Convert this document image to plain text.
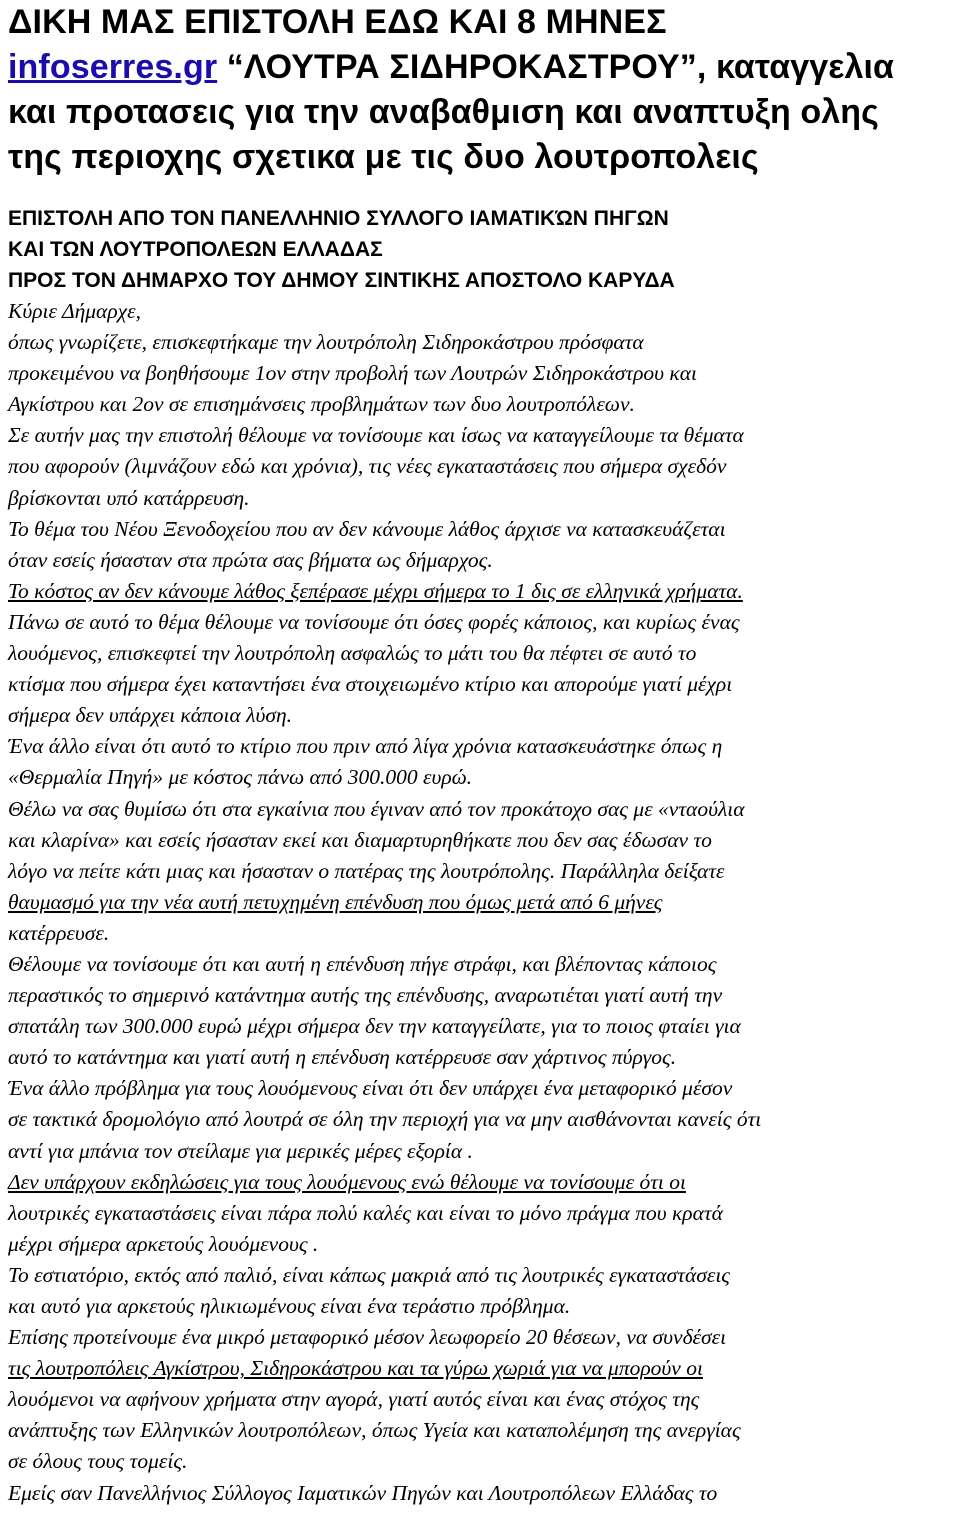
ΔΙΚΗ ΜΑΣ ΕΠΙΣΤΟΛΗ ΕΔΩ ΚΑΙ 8 ΜΗΝΕΣ

infoserres.gr “ΛΟΥΤΡΑ ΣΙΔΗΡΟΚΑΣΤΡΟΥ”, καταγγελια

και προτασεις για την αναβαθμιση και αναπτυξη ολης

της περιοχης σχετικα με τις δυο λουτροπολεις

ΕΠΙΣΤΟΛΗ ΑΠΟ ΤΟΝ ΠΑΝΕΛΛΗΝΙΟ ΣΥΛΛΟΓΟ ΙΑΜΑΤΙΚΏΝ ΠΗΓΩΝ

ΚΑΙ ΤΩΝ ΛΟΥΤΡΟΠΟΛΕΩΝ ΕΛΛΑΔΑΣ

ΠΡΟΣ ΤΟΝ ΔΗΜΑΡΧΟ ΤΟΥ ΔΗΜΟΥ ΣΙΝΤΙΚΗΣ ΑΠΟΣΤΟΛΟ ΚΑΡΥΔΑ

Κύριε Δήμαρχε,

όπως γνωρίζετε, επισκεφτήκαμε την λουτρόπολη Σιδηροκάστρου πρόσφατα

προκειμένου να βοηθήσουμε 1ον στην προβολή των Λουτρών Σιδηροκάστρου και

Αγκίστρου και 2ον σε επισημάνσεις προβλημάτων των δυο λουτροπόλεων.

Σε αυτήν μας την επιστολή θέλουμε να τονίσουμε και ίσως να καταγγείλουμε τα θέματα

που αφορούν (λιμνάζουν εδώ και χρόνια), τις νέες εγκαταστάσεις που σήμερα σχεδόν

βρίσκονται υπό κατάρρευση.

Το θέμα του Νέου Ξενοδοχείου που αν δεν κάνουμε λάθος άρχισε να κατασκευάζεται

όταν εσείς ήσασταν στα πρώτα σας βήματα ως δήμαρχος.

Το κόστος αν δεν κάνουμε λάθος ξεπέρασε μέχρι σήμερα το 1 δις σε ελληνικά χρήματα.

Πάνω σε αυτό το θέμα θέλουμε να τονίσουμε ότι όσες φορές κάποιος, και κυρίως ένας

λουόμενος, επισκεφτεί την λουτρόπολη ασφαλώς το μάτι του θα πέφτει σε αυτό το

κτίσμα που σήμερα έχει καταντήσει ένα στοιχειωμένο κτίριο και απορούμε γιατί μέχρι

σήμερα δεν υπάρχει κάποια λύση.

Ένα άλλο είναι ότι αυτό το κτίριο που πριν από λίγα χρόνια κατασκευάστηκε όπως η

«Θερμαλία Πηγή» με κόστος πάνω από 300.000 ευρώ.

Θέλω να σας θυμίσω ότι στα εγκαίνια που έγιναν από τον προκάτοχο σας με «νταούλια

και κλαρίνα» και εσείς ήσασταν εκεί και διαμαρτυρηθήκατε που δεν σας έδωσαν το

λόγο να πείτε κάτι μιας και ήσασταν ο πατέρας της λουτρόπολης. Παράλληλα δείξατε

θαυμασμό για την νέα αυτή πετυχημένη επένδυση που όμως μετά από 6 μήνες

κατέρρευσε.

Θέλουμε να τονίσουμε ότι και αυτή η επένδυση πήγε στράφι, και βλέποντας κάποιος

περαστικός το σημερινό κατάντημα αυτής της επένδυσης, αναρωτιέται γιατί αυτή την

σπατάλη των 300.000 ευρώ μέχρι σήμερα δεν την καταγγείλατε, για το ποιος φταίει για

αυτό το κατάντημα και γιατί αυτή η επένδυση κατέρρευσε σαν χάρτινος πύργος.

Ένα άλλο πρόβλημα για τους λουόμενους είναι ότι δεν υπάρχει ένα μεταφορικό μέσον

σε τακτικά δρομολόγιο από λουτρά σε όλη την περιοχή για να μην αισθάνονται κανείς ότι

αντί για μπάνια τον στείλαμε για μερικές μέρες εξορία .

Δεν υπάρχουν εκδηλώσεις για τους λουόμενους ενώ θέλουμε να τονίσουμε ότι οι

λουτρικές εγκαταστάσεις είναι πάρα πολύ καλές και είναι το μόνο πράγμα που κρατά

μέχρι σήμερα αρκετούς λουόμενους .

Το εστιατόριο, εκτός από παλιό, είναι κάπως μακριά από τις λουτρικές εγκαταστάσεις

και αυτό για αρκετούς ηλικιωμένους είναι ένα τεράστιο πρόβλημα.

Επίσης προτείνουμε ένα μικρό μεταφορικό μέσον λεωφορείο 20 θέσεων, να συνδέσει

τις λουτροπόλεις Αγκίστρου, Σιδηροκάστρου και τα γύρω χωριά για να μπορούν οι

λουόμενοι να αφήνουν χρήματα στην αγορά, γιατί αυτός είναι και ένας στόχος της

ανάπτυξης των Ελληνικών λουτροπόλεων, όπως Υγεία και καταπολέμηση της ανεργίας

σε όλους τους τομείς.

Εμείς σαν Πανελλήνιος Σύλλογος Ιαματικών Πηγών και Λουτροπόλεων Ελλάδας το
